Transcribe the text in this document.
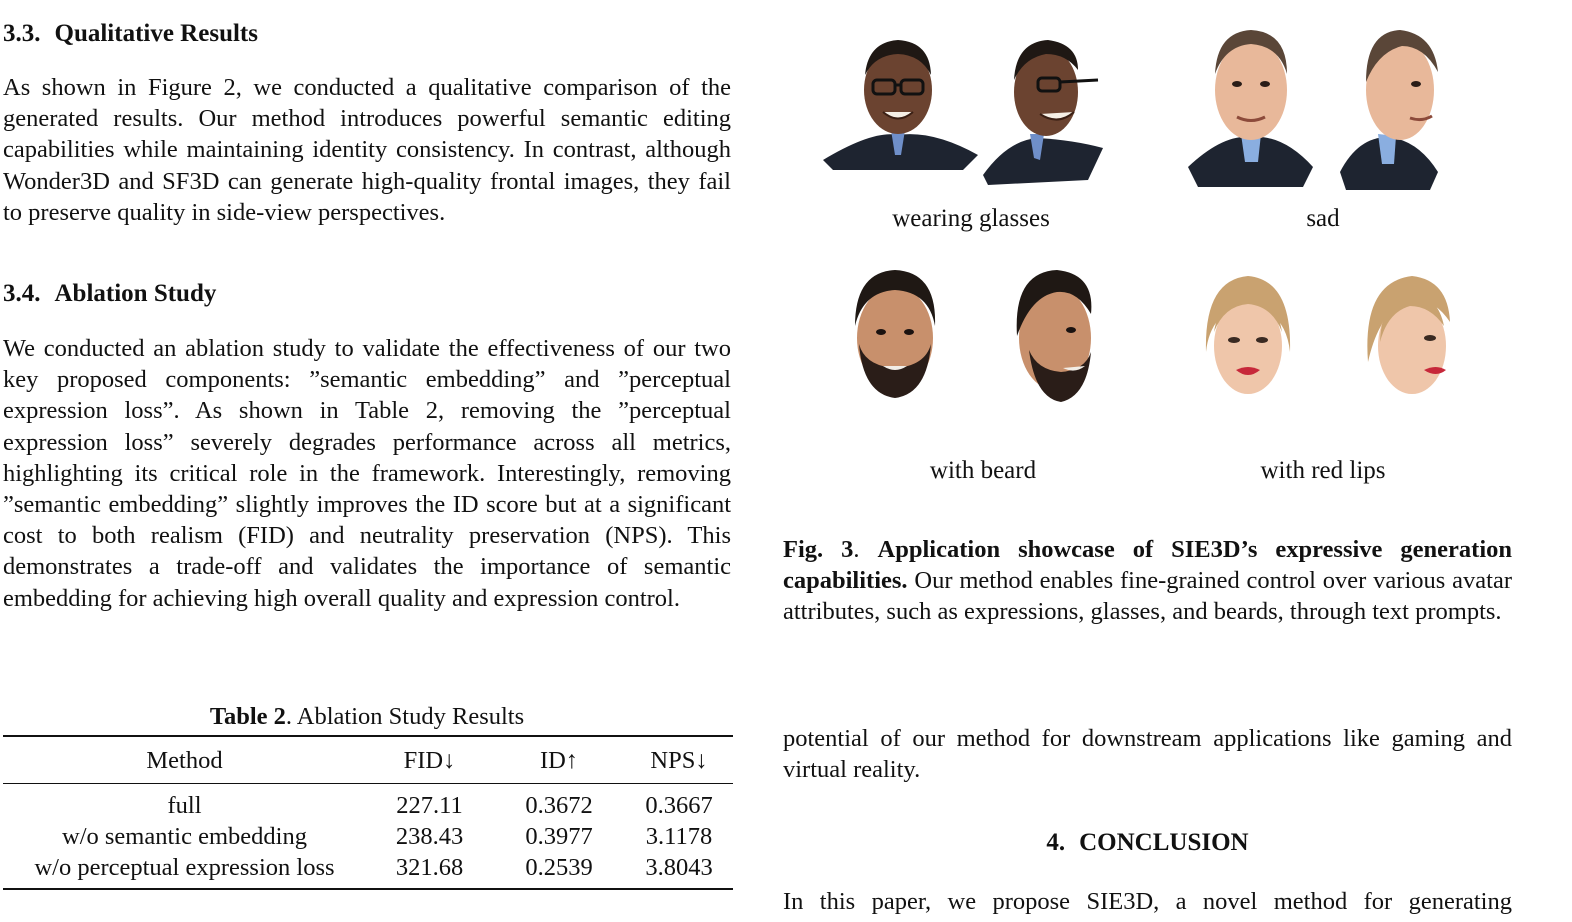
3.3. Qualitative Results

As shown in Figure 2, we conducted a qualitative comparison of the generated results. Our method introduces powerful semantic editing capabilities while maintaining identity consistency. In contrast, although Wonder3D and SF3D can generate high-quality frontal images, they fail to preserve quality in side-view perspectives.

3.4. Ablation Study

We conducted an ablation study to validate the effectiveness of our two key proposed components: ”semantic embedding” and ”perceptual expression loss”. As shown in Table 2, removing the ”perceptual expression loss” severely degrades performance across all metrics, highlighting its critical role in the framework. Interestingly, removing ”semantic embedding” slightly improves the ID score but at a significant cost to both realism (FID) and neutrality preservation (NPS). This demonstrates a trade-off and validates the importance of semantic embedding for achieving high overall quality and expression control.

Table 2. Ablation Study Results
Method	FID↓	ID↑	NPS↓
full	227.11	0.3672	0.3667
w/o semantic embedding	238.43	0.3977	3.1178
w/o perceptual expression loss	321.68	0.2539	3.8043
wearing glasses	sad
with beard	with red lips

Fig. 3. Application showcase of SIE3D’s expressive generation capabilities. Our method enables fine-grained control over various avatar attributes, such as expressions, glasses, and beards, through text prompts.

potential of our method for downstream applications like gaming and virtual reality.

4. CONCLUSION

In this paper, we propose SIE3D, a novel method for generating
